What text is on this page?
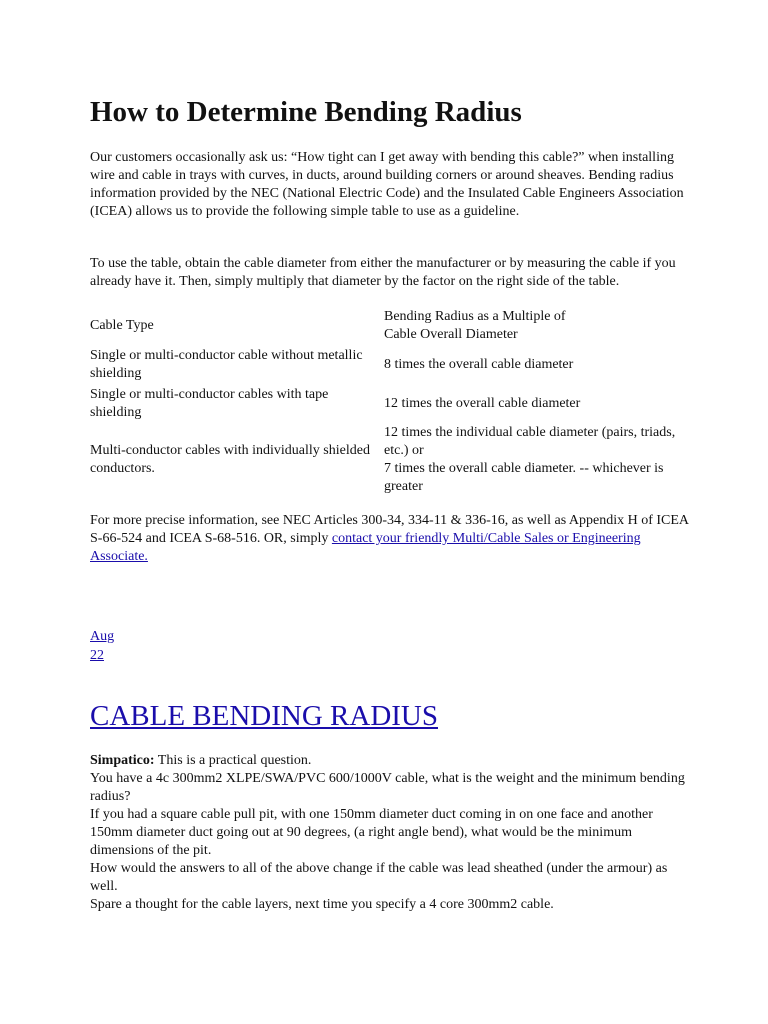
How to Determine Bending Radius

Our customers occasionally ask us: “How tight can I get away with bending this cable?” when installing wire and cable in trays with curves, in ducts, around building corners or around sheaves. Bending radius information provided by the NEC (National Electric Code) and the Insulated Cable Engineers Association (ICEA) allows us to provide the following simple table to use as a guideline.

To use the table, obtain the cable diameter from either the manufacturer or by measuring the cable if you already have it. Then, simply multiply that diameter by the factor on the right side of the table.

Cable Type	Bending Radius as a Multiple of
Cable Overall Diameter
Single or multi-conductor cable without metallic shielding	8 times the overall cable diameter
Single or multi-conductor cables with tape shielding	12 times the overall cable diameter
Multi-conductor cables with individually shielded conductors.	12 times the individual cable diameter (pairs, triads, etc.) or
7 times the overall cable diameter. -- whichever is greater

For more precise information, see NEC Articles 300-34, 334-11 & 336-16, as well as Appendix H of ICEA S-66-524 and ICEA S-68-516. OR, simply contact your friendly Multi/Cable Sales or Engineering Associate.

Aug
22
CABLE BENDING RADIUS
Simpatico: This is a practical question.
You have a 4c 300mm2 XLPE/SWA/PVC 600/1000V cable, what is the weight and the minimum bending radius?
If you had a square cable pull pit, with one 150mm diameter duct coming in on one face and another 150mm diameter duct going out at 90 degrees, (a right angle bend), what would be the minimum dimensions of the pit.
How would the answers to all of the above change if the cable was lead sheathed (under the armour) as well.
Spare a thought for the cable layers, next time you specify a 4 core 300mm2 cable.
